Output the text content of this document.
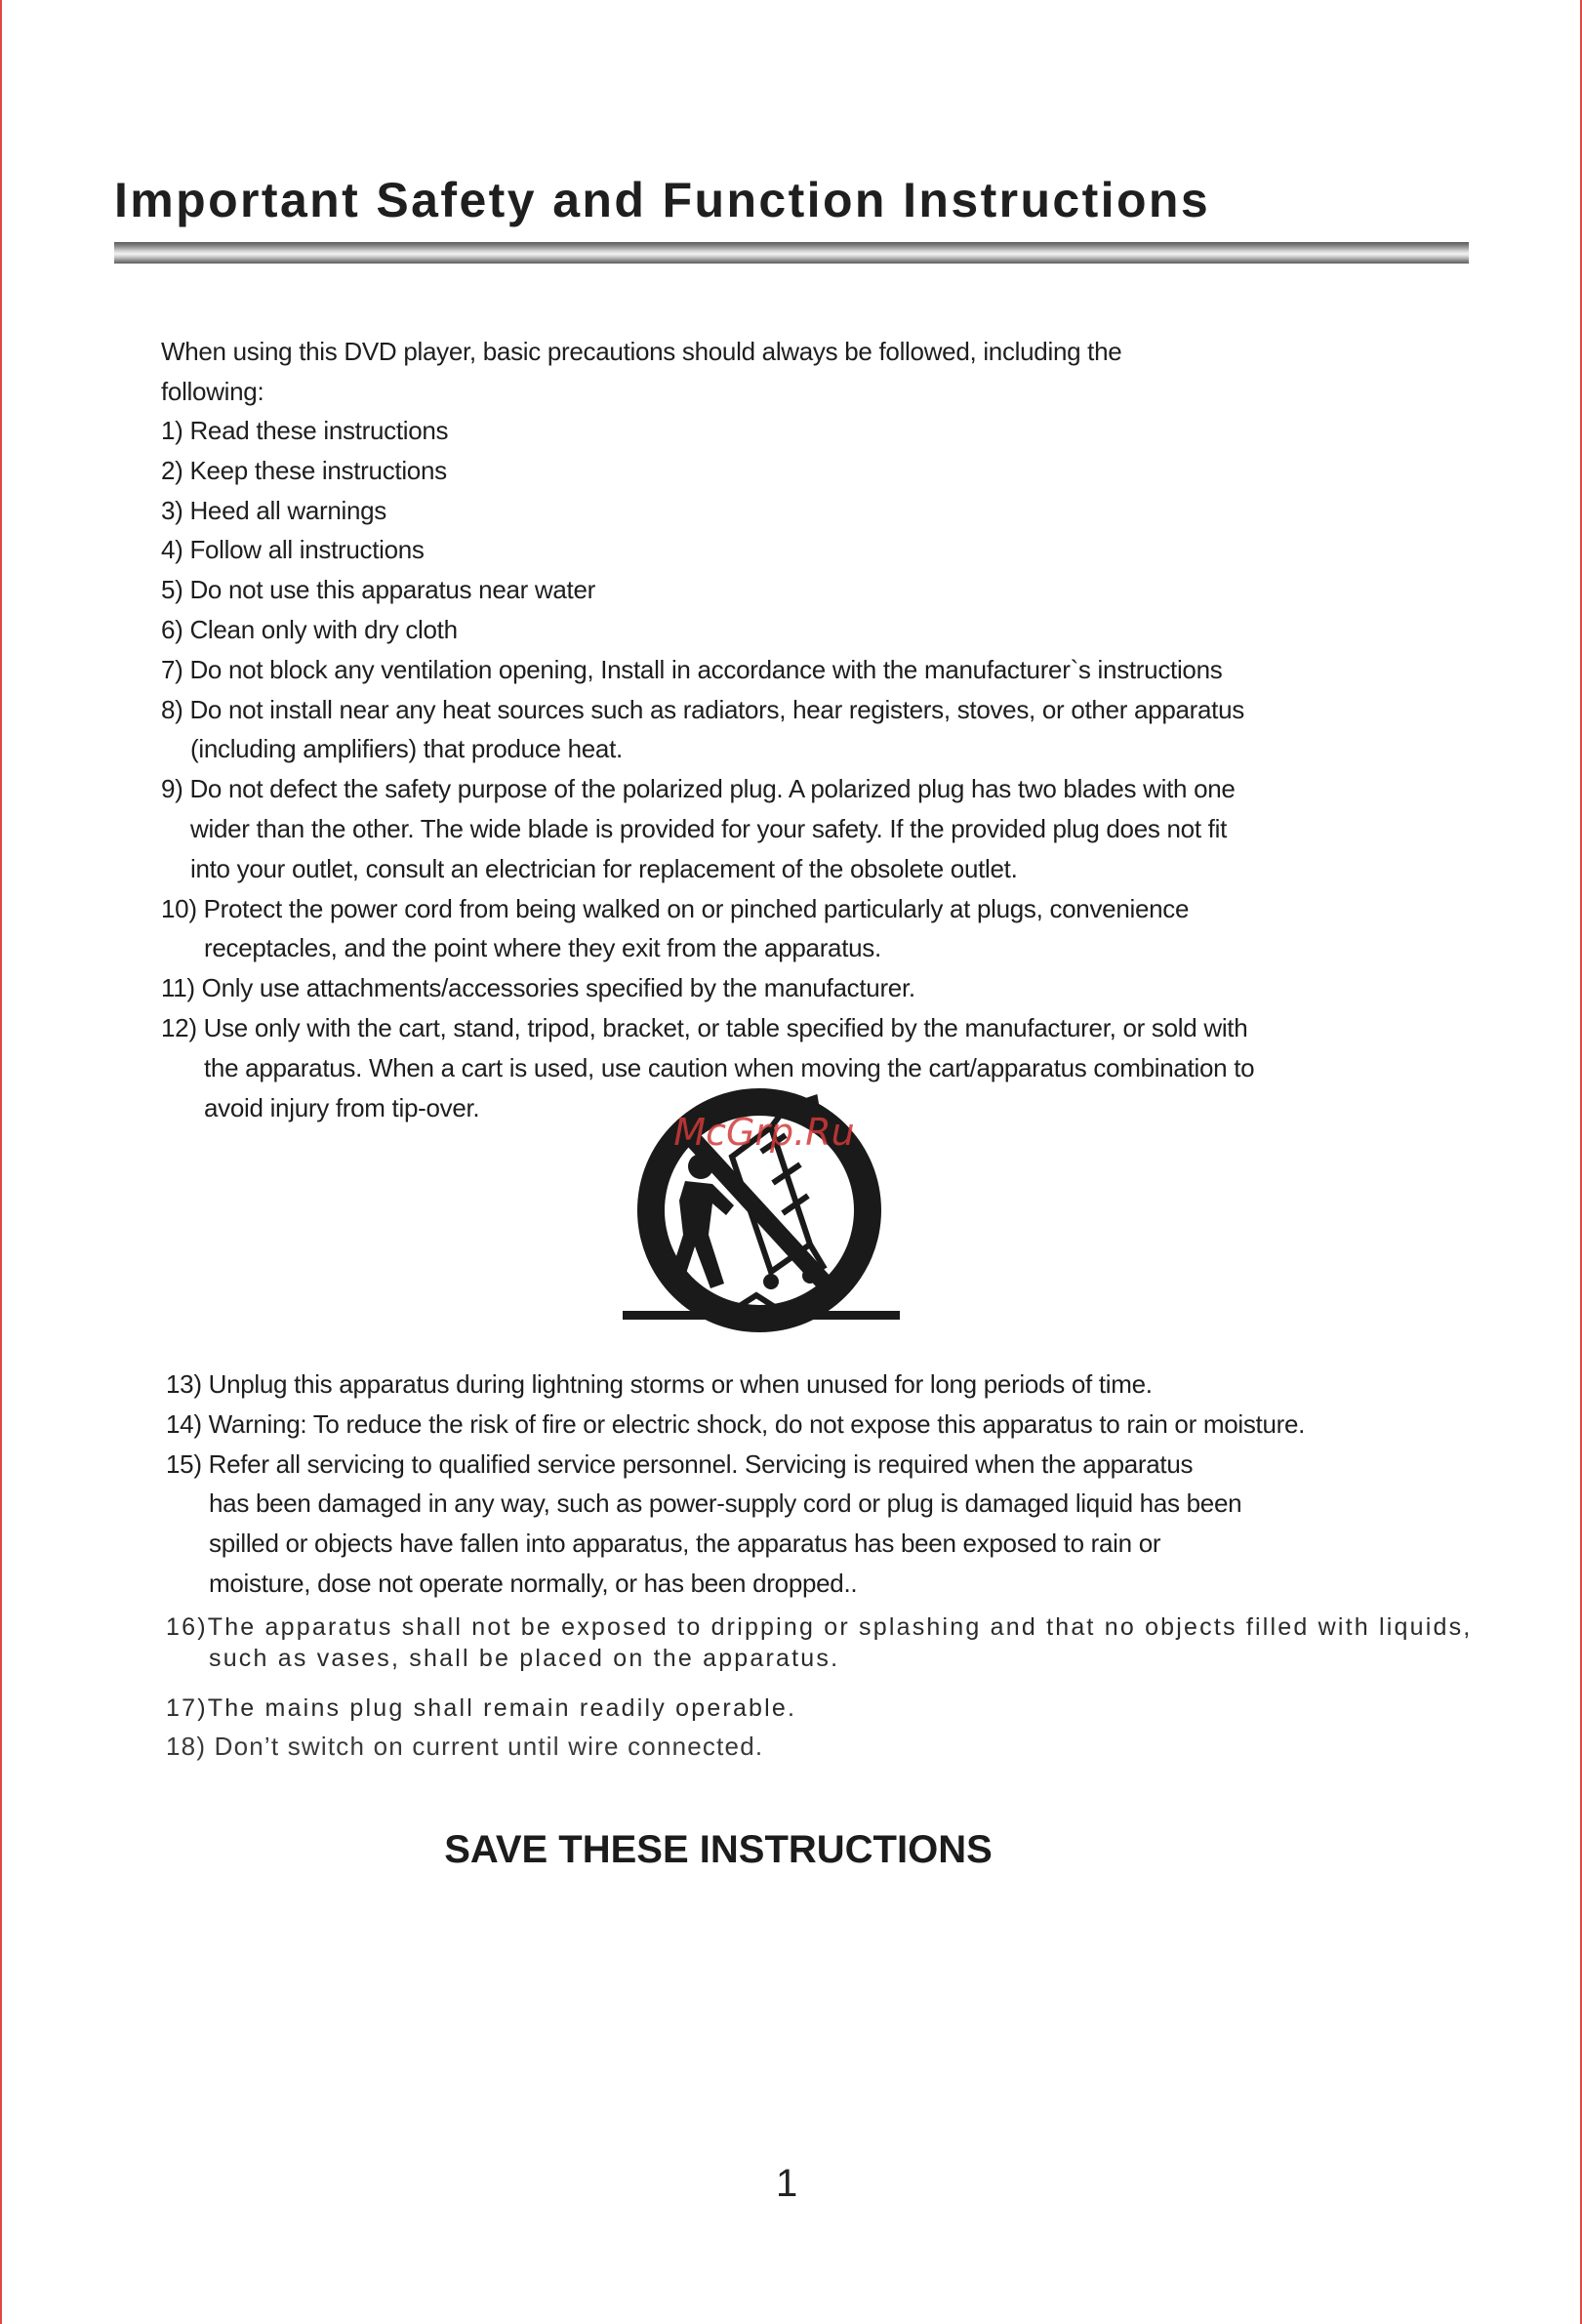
Important Safety and Function Instructions
When using this DVD player, basic precautions should always be followed, including the
following:
1) Read these instructions
2) Keep these instructions
3) Heed all warnings
4) Follow all instructions
5) Do not use this apparatus near water
6) Clean only with dry cloth
7) Do not block any ventilation opening, Install in accordance with the manufacturer`s instructions
8) Do not install near any heat sources such as radiators, hear registers, stoves, or other apparatus
(including amplifiers) that produce heat.
9) Do not defect the safety purpose of the polarized plug. A polarized plug has two blades with one
wider than the other. The wide blade is provided for your safety. If the provided plug does not fit
into your outlet, consult an electrician for replacement of the obsolete outlet.
10) Protect the power cord from being walked on or pinched particularly at plugs, convenience
receptacles, and the point where they exit from the apparatus.
11) Only use attachments/accessories specified by the manufacturer.
12) Use only with the cart, stand, tripod, bracket, or table specified by the manufacturer, or sold with
the apparatus. When a cart is used, use caution when moving the cart/apparatus combination to
avoid injury from tip-over.
McGrp.Ru
13) Unplug this apparatus during lightning storms or when unused for long periods of time.
14) Warning: To reduce the risk of fire or electric shock, do not expose this apparatus to rain or moisture.
15) Refer all servicing to qualified service personnel. Servicing is required when the apparatus
has been damaged in any way, such as power-supply cord or plug is damaged liquid has been
spilled or objects have fallen into apparatus, the apparatus has been exposed to rain or
moisture, dose not operate normally, or has been dropped..
16)The apparatus shall not be exposed to dripping or splashing and that no objects filled with liquids,
such as vases, shall be placed on the apparatus.
17)The mains plug shall remain readily operable.
18) Don’t switch on current until wire connected.
SAVE THESE INSTRUCTIONS
1
